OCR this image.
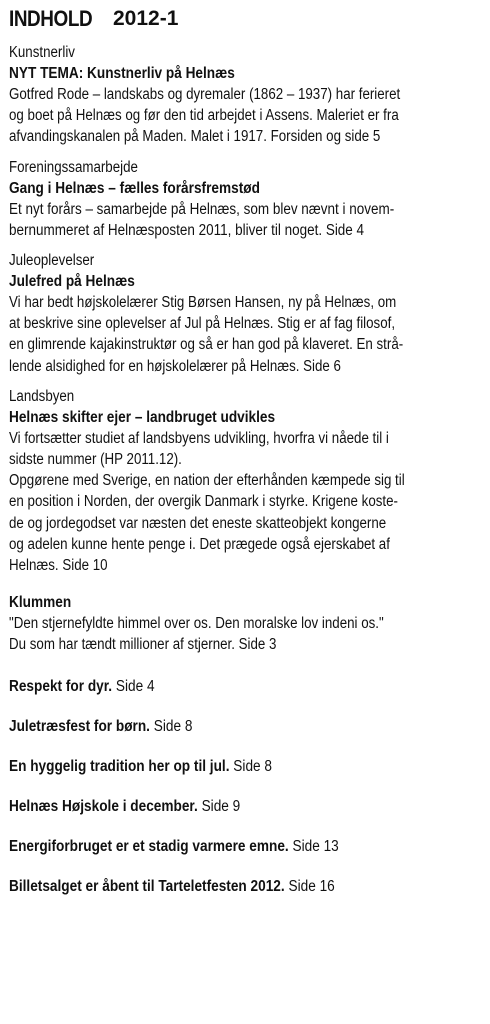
INDHOLD 2012-1
Kunstnerliv
NYT TEMA: Kunstnerliv på Helnæs
Gotfred Rode – landskabs og dyremaler (1862 – 1937) har ferieret
og boet på Helnæs og før den tid arbejdet i Assens. Maleriet er fra
afvandingskanalen på Maden. Malet i 1917. Forsiden og side 5
Foreningssamarbejde
Gang i Helnæs – fælles forårsfremstød
Et nyt forårs – samarbejde på Helnæs, som blev nævnt i novem-
bernummeret af Helnæsposten 2011, bliver til noget. Side 4
Juleoplevelser
Julefred på Helnæs
Vi har bedt højskolelærer Stig Børsen Hansen, ny på Helnæs, om
at beskrive sine oplevelser af Jul på Helnæs. Stig er af fag filosof,
en glimrende kajakinstruktør og så er han god på klaveret. En strå-
lende alsidighed for en højskolelærer på Helnæs. Side 6
Landsbyen
Helnæs skifter ejer – landbruget udvikles
Vi fortsætter studiet af landsbyens udvikling, hvorfra vi nåede til i
sidste nummer (HP 2011.12).
Opgørene med Sverige, en nation der efterhånden kæmpede sig til
en position i Norden, der overgik Danmark i styrke. Krigene koste-
de og jordegodset var næsten det eneste skatteobjekt kongerne
og adelen kunne hente penge i. Det prægede også ejerskabet af
Helnæs. Side 10
Klummen
"Den stjernefyldte himmel over os. Den moralske lov indeni os."
Du som har tændt millioner af stjerner. Side 3
Respekt for dyr. Side 4
Juletræsfest for børn. Side 8
En hyggelig tradition her op til jul. Side 8
Helnæs Højskole i december. Side 9
Energiforbruget er et stadig varmere emne. Side 13
Billetsalget er åbent til Tarteletfesten 2012. Side 16
